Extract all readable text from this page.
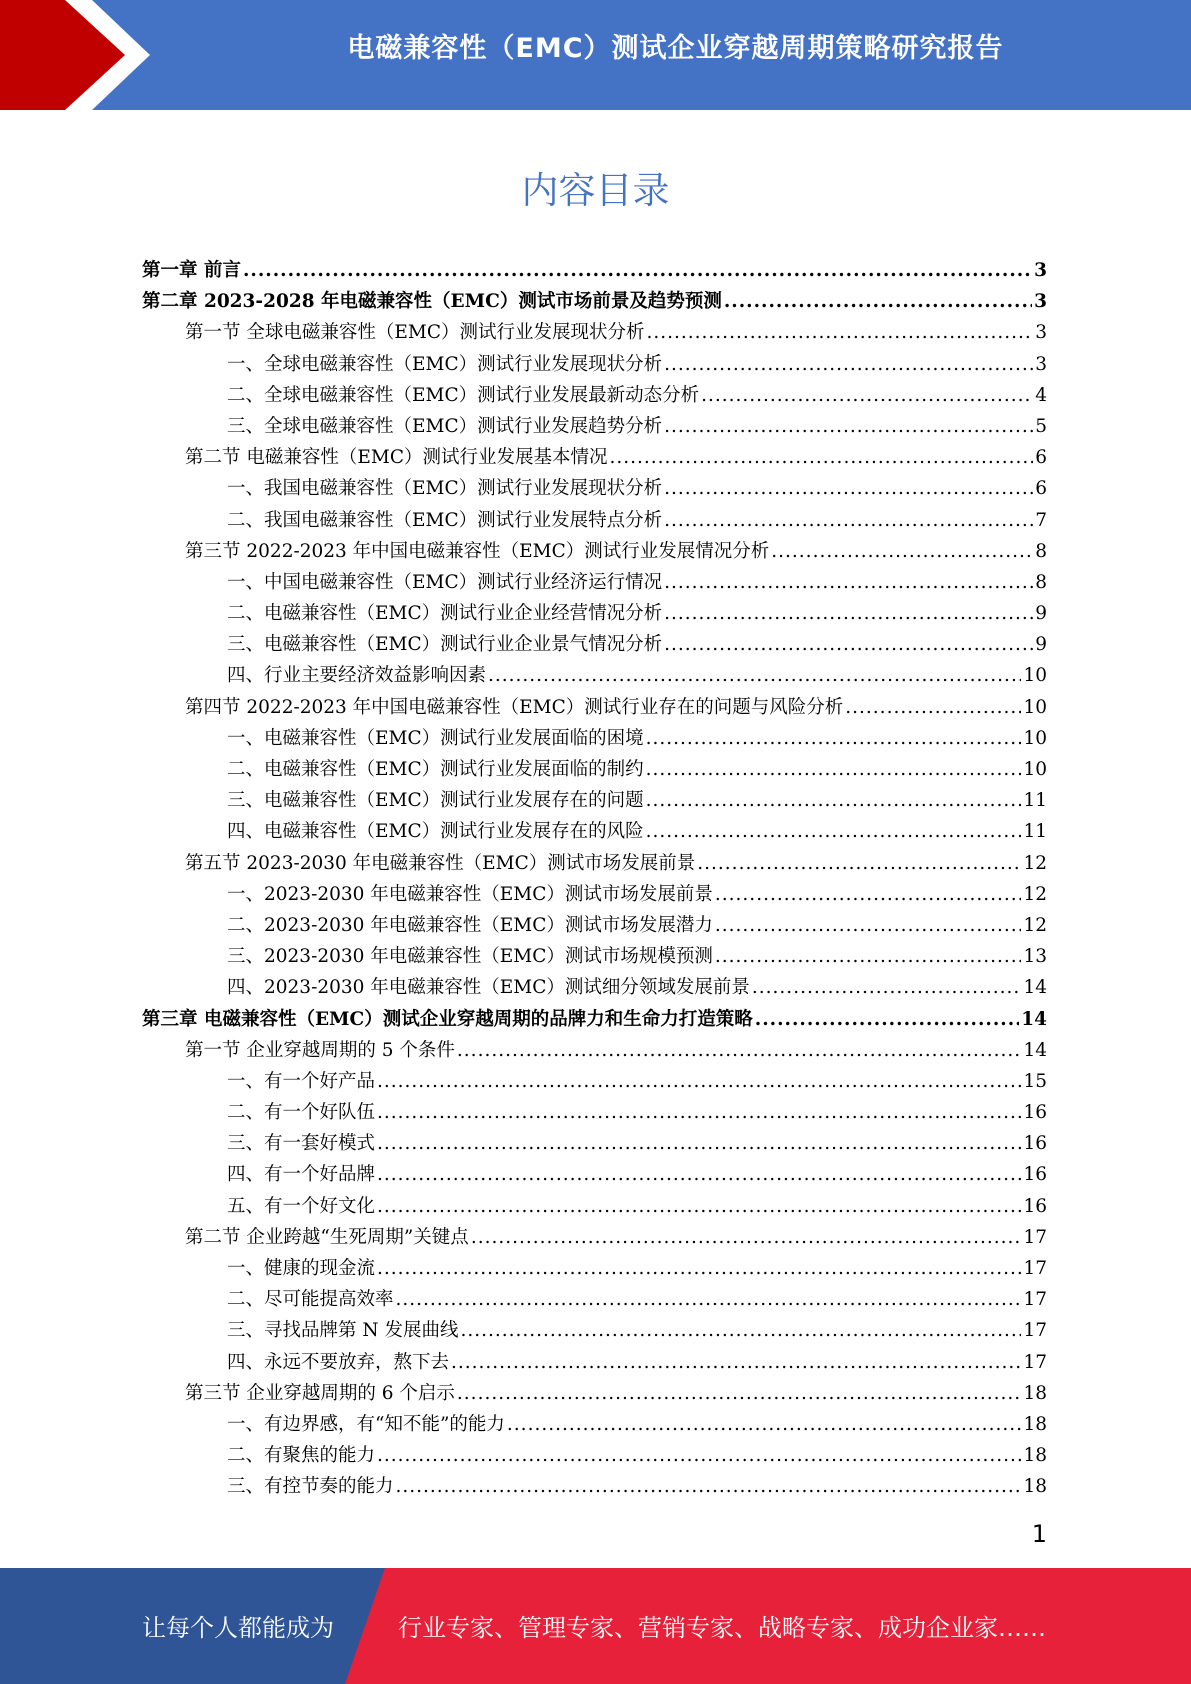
电磁兼容性（EMC）测试企业穿越周期策略研究报告
内容目录
第一章 前言 .....	3
第二章 2023-2028 年电磁兼容性（EMC）测试市场前景及趋势预测 .....	3
第一节 全球电磁兼容性（EMC）测试行业发展现状分析 .....	3
一、全球电磁兼容性（EMC）测试行业发展现状分析 .....	3
二、全球电磁兼容性（EMC）测试行业发展最新动态分析 .....	4
三、全球电磁兼容性（EMC）测试行业发展趋势分析 .....	5
第二节 电磁兼容性（EMC）测试行业发展基本情况 .....	6
一、我国电磁兼容性（EMC）测试行业发展现状分析 .....	6
二、我国电磁兼容性（EMC）测试行业发展特点分析 .....	7
第三节 2022-2023 年中国电磁兼容性（EMC）测试行业发展情况分析 .....	8
一、中国电磁兼容性（EMC）测试行业经济运行情况 .....	8
二、电磁兼容性（EMC）测试行业企业经营情况分析 .....	9
三、电磁兼容性（EMC）测试行业企业景气情况分析 .....	9
四、行业主要经济效益影响因素 .....	10
第四节 2022-2023 年中国电磁兼容性（EMC）测试行业存在的问题与风险分析 .....	10
一、电磁兼容性（EMC）测试行业发展面临的困境 .....	10
二、电磁兼容性（EMC）测试行业发展面临的制约 .....	10
三、电磁兼容性（EMC）测试行业发展存在的问题 .....	11
四、电磁兼容性（EMC）测试行业发展存在的风险 .....	11
第五节 2023-2030 年电磁兼容性（EMC）测试市场发展前景 .....	12
一、2023-2030 年电磁兼容性（EMC）测试市场发展前景 .....	12
二、2023-2030 年电磁兼容性（EMC）测试市场发展潜力 .....	12
三、2023-2030 年电磁兼容性（EMC）测试市场规模预测 .....	13
四、2023-2030 年电磁兼容性（EMC）测试细分领域发展前景 .....	14
第三章 电磁兼容性（EMC）测试企业穿越周期的品牌力和生命力打造策略 .....	14
第一节 企业穿越周期的 5 个条件 .....	14
一、有一个好产品 .....	15
二、有一个好队伍 .....	16
三、有一套好模式 .....	16
四、有一个好品牌 .....	16
五、有一个好文化 .....	16
第二节 企业跨越“生死周期”关键点 .....	17
一、健康的现金流 .....	17
二、尽可能提高效率 .....	17
三、寻找品牌第 N 发展曲线 .....	17
四、永远不要放弃，熬下去 .....	17
第三节 企业穿越周期的 6 个启示 .....	18
一、有边界感，有“知不能”的能力 .....	18
二、有聚焦的能力 .....	18
三、有控节奏的能力 .....	18
1
让每个人都能成为	行业专家、管理专家、营销专家、战略专家、成功企业家……
